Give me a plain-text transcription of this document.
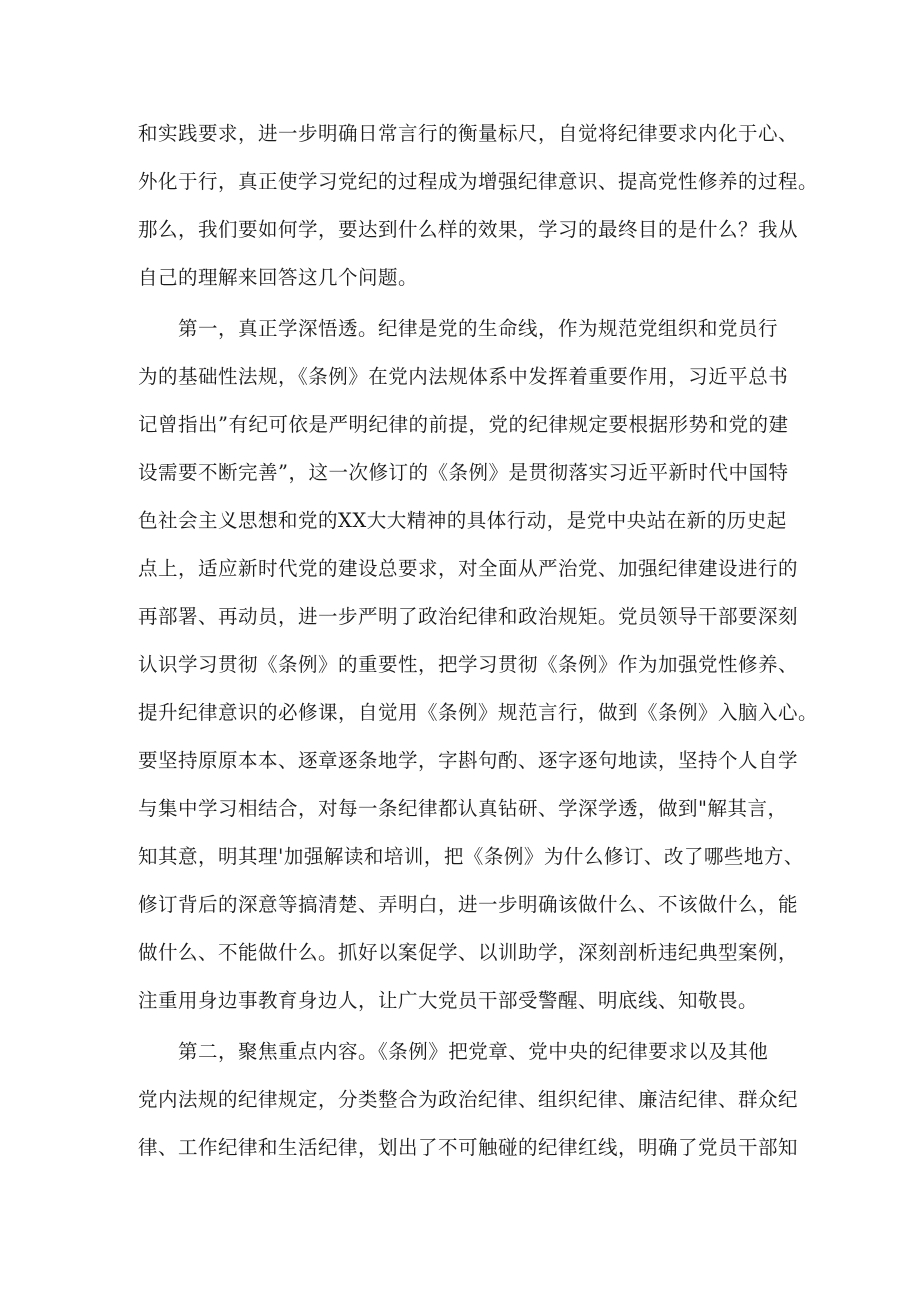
和实践要求，进一步明确日常言行的衡量标尺，自觉将纪律要求内化于心、
外化于行，真正使学习党纪的过程成为增强纪律意识、提高党性修养的过程。
那么，我们要如何学，要达到什么样的效果，学习的最终目的是什么？我从
自己的理解来回答这几个问题。
第一，真正学深悟透。纪律是党的生命线，作为规范党组织和党员行
为的基础性法规，《条例》在党内法规体系中发挥着重要作用，习近平总书
记曾指出”有纪可依是严明纪律的前提，党的纪律规定要根据形势和党的建
设需要不断完善”，这一次修订的《条例》是贯彻落实习近平新时代中国特
色社会主义思想和党的XX大大精神的具体行动，是党中央站在新的历史起
点上，适应新时代党的建设总要求，对全面从严治党、加强纪律建设进行的
再部署、再动员，进一步严明了政治纪律和政治规矩。党员领导干部要深刻
认识学习贯彻《条例》的重要性，把学习贯彻《条例》作为加强党性修养、
提升纪律意识的必修课，自觉用《条例》规范言行，做到《条例》入脑入心。
要坚持原原本本、逐章逐条地学，字斟句酌、逐字逐句地读，坚持个人自学
与集中学习相结合，对每一条纪律都认真钻研、学深学透，做到"解其言，
知其意，明其理'加强解读和培训，把《条例》为什么修订、改了哪些地方、
修订背后的深意等搞清楚、弄明白，进一步明确该做什么、不该做什么，能
做什么、不能做什么。抓好以案促学、以训助学，深刻剖析违纪典型案例，
注重用身边事教育身边人，让广大党员干部受警醒、明底线、知敬畏。
第二，聚焦重点内容。《条例》把党章、党中央的纪律要求以及其他
党内法规的纪律规定，分类整合为政治纪律、组织纪律、廉洁纪律、群众纪
律、工作纪律和生活纪律，划出了不可触碰的纪律红线，明确了党员干部知
